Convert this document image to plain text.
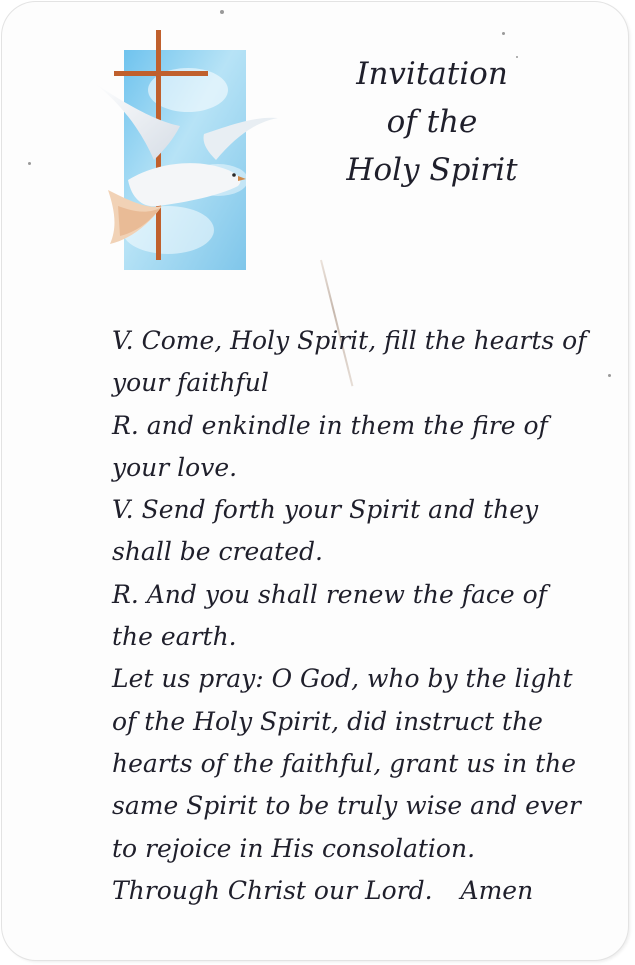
Invitation
of the
Holy Spirit
V. Come, Holy Spirit, fill the hearts of
your faithful
R. and enkindle in them the fire of
your love.
V. Send forth your Spirit and they
shall be created.
R. And you shall renew the face of
the earth.
Let us pray: O God, who by the light
of the Holy Spirit, did instruct the
hearts of the faithful, grant us in the
same Spirit to be truly wise and ever
to rejoice in His consolation.
Through Christ our Lord. Amen
